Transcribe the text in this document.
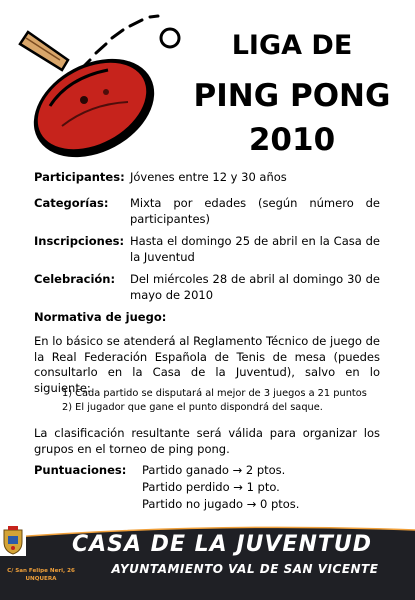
LIGA DE
PING PONG
2010
Participantes: Jóvenes entre 12 y 30 años
Categorías: Mixta por edades (según número de participantes)
Inscripciones: Hasta el domingo 25 de abril en la Casa de la Juventud
Celebración: Del miércoles 28 de abril al domingo 30 de mayo de 2010
Normativa de juego:
En lo básico se atenderá al Reglamento Técnico de juego de la Real Federación Española de Tenis de mesa (puedes consultarlo en la Casa de la Juventud), salvo en lo siguiente:
1) Cada partido se disputará al mejor de 3 juegos a 21 puntos
2) El jugador que gane el punto dispondrá del saque.
La clasificación resultante será válida para organizar los grupos en el torneo de ping pong.
Puntuaciones: Partido ganado → 2 ptos.
Partido perdido → 1 pto.
Partido no jugado → 0 ptos.
CASA DE LA JUVENTUD
AYUNTAMIENTO VAL DE SAN VICENTE
C/ San Felipe Neri, 26
UNQUERA
